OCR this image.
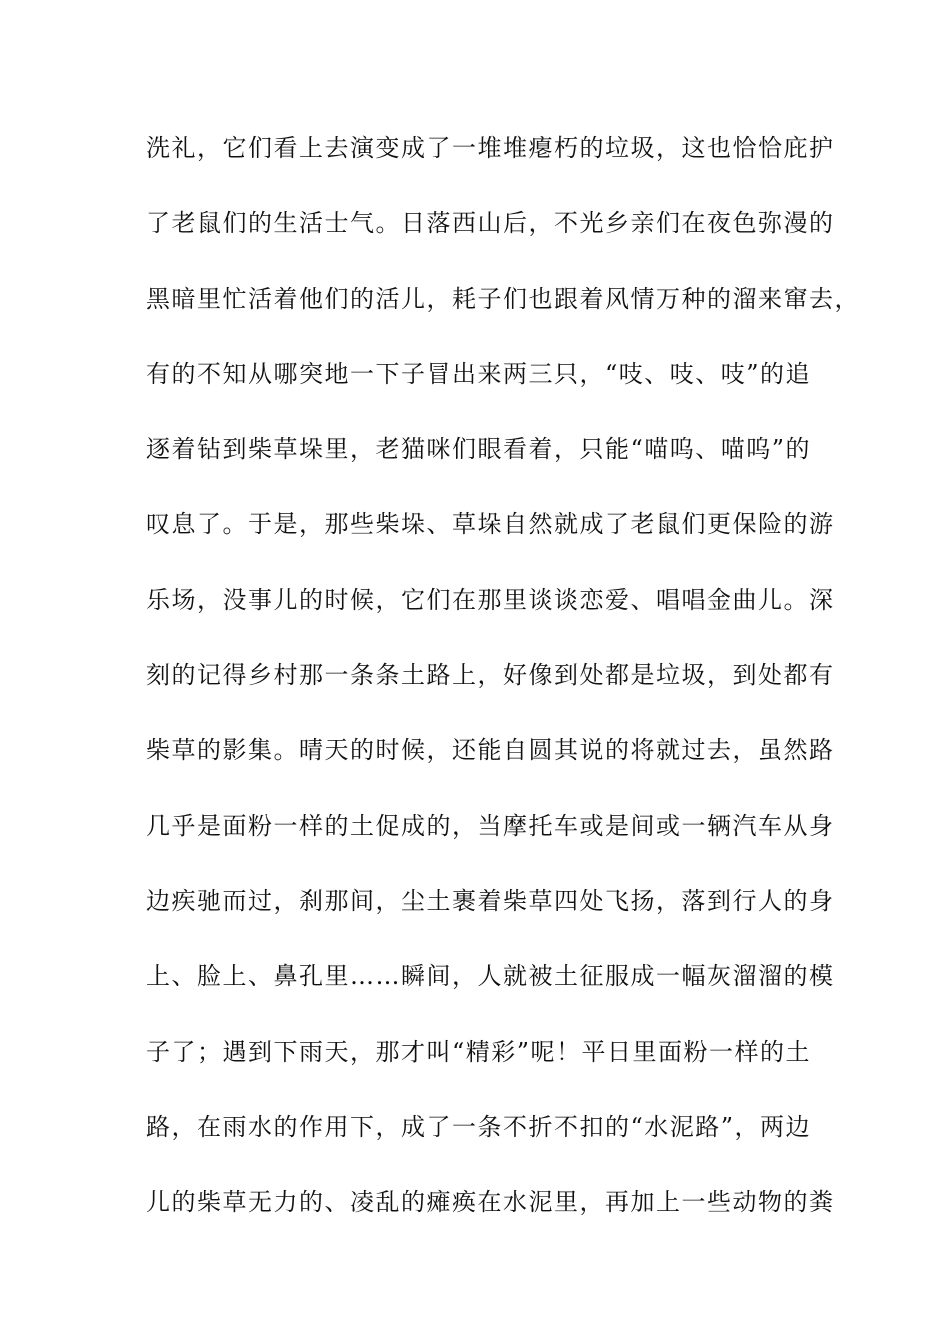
洗礼，它们看上去演变成了一堆堆瘪朽的垃圾，这也恰恰庇护
了老鼠们的生活士气。日落西山后，不光乡亲们在夜色弥漫的
黑暗里忙活着他们的活儿，耗子们也跟着风情万种的溜来窜去，
有的不知从哪突地一下子冒出来两三只，“吱、吱、吱”的追
逐着钻到柴草垛里，老猫咪们眼看着，只能“喵呜、喵呜”的
叹息了。于是，那些柴垛、草垛自然就成了老鼠们更保险的游
乐场，没事儿的时候，它们在那里谈谈恋爱、唱唱金曲儿。深
刻的记得乡村那一条条土路上，好像到处都是垃圾，到处都有
柴草的影集。晴天的时候，还能自圆其说的将就过去，虽然路
几乎是面粉一样的土促成的，当摩托车或是间或一辆汽车从身
边疾驰而过，刹那间，尘土裹着柴草四处飞扬，落到行人的身
上、脸上、鼻孔里……瞬间，人就被土征服成一幅灰溜溜的模
子了；遇到下雨天，那才叫“精彩”呢！平日里面粉一样的土
路，在雨水的作用下，成了一条不折不扣的“水泥路”，两边
儿的柴草无力的、凌乱的瘫痪在水泥里，再加上一些动物的粪
